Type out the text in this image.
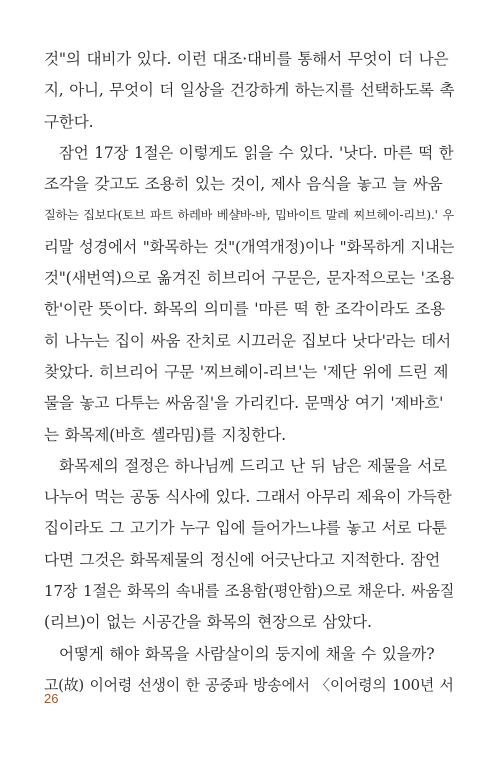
것"의 대비가 있다. 이런 대조·대비를 통해서 무엇이 더 나은
지, 아니, 무엇이 더 일상을 건강하게 하는지를 선택하도록 촉
구한다.
잠언 17장 1절은 이렇게도 읽을 수 있다. '낫다. 마른 떡 한
조각을 갖고도 조용히 있는 것이, 제사 음식을 놓고 늘 싸움
질하는 집보다(토브 파트 하레바 베샬바-바, 밉바이트 말레 찌브헤이-리브).' 우
리말 성경에서 "화목하는 것"(개역개정)이나 "화목하게 지내는
것"(새번역)으로 옮겨진 히브리어 구문은, 문자적으로는 '조용
한'이란 뜻이다. 화목의 의미를 '마른 떡 한 조각이라도 조용
히 나누는 집이 싸움 잔치로 시끄러운 집보다 낫다'라는 데서
찾았다. 히브리어 구문 '찌브헤이-리브'는 '제단 위에 드린 제
물을 놓고 다투는 싸움질'을 가리킨다. 문맥상 여기 '제바흐'
는 화목제(바흐 셸라밈)를 지칭한다.
화목제의 절정은 하나님께 드리고 난 뒤 남은 제물을 서로
나누어 먹는 공동 식사에 있다. 그래서 아무리 제육이 가득한
집이라도 그 고기가 누구 입에 들어가느냐를 놓고 서로 다툰
다면 그것은 화목제물의 정신에 어긋난다고 지적한다. 잠언
17장 1절은 화목의 속내를 조용함(평안함)으로 채운다. 싸움질
(리브)이 없는 시공간을 화목의 현장으로 삼았다.
어떻게 해야 화목을 사람살이의 둥지에 채울 수 있을까?
고(故) 이어령 선생이 한 공중파 방송에서 〈이어령의 100년 서
26
